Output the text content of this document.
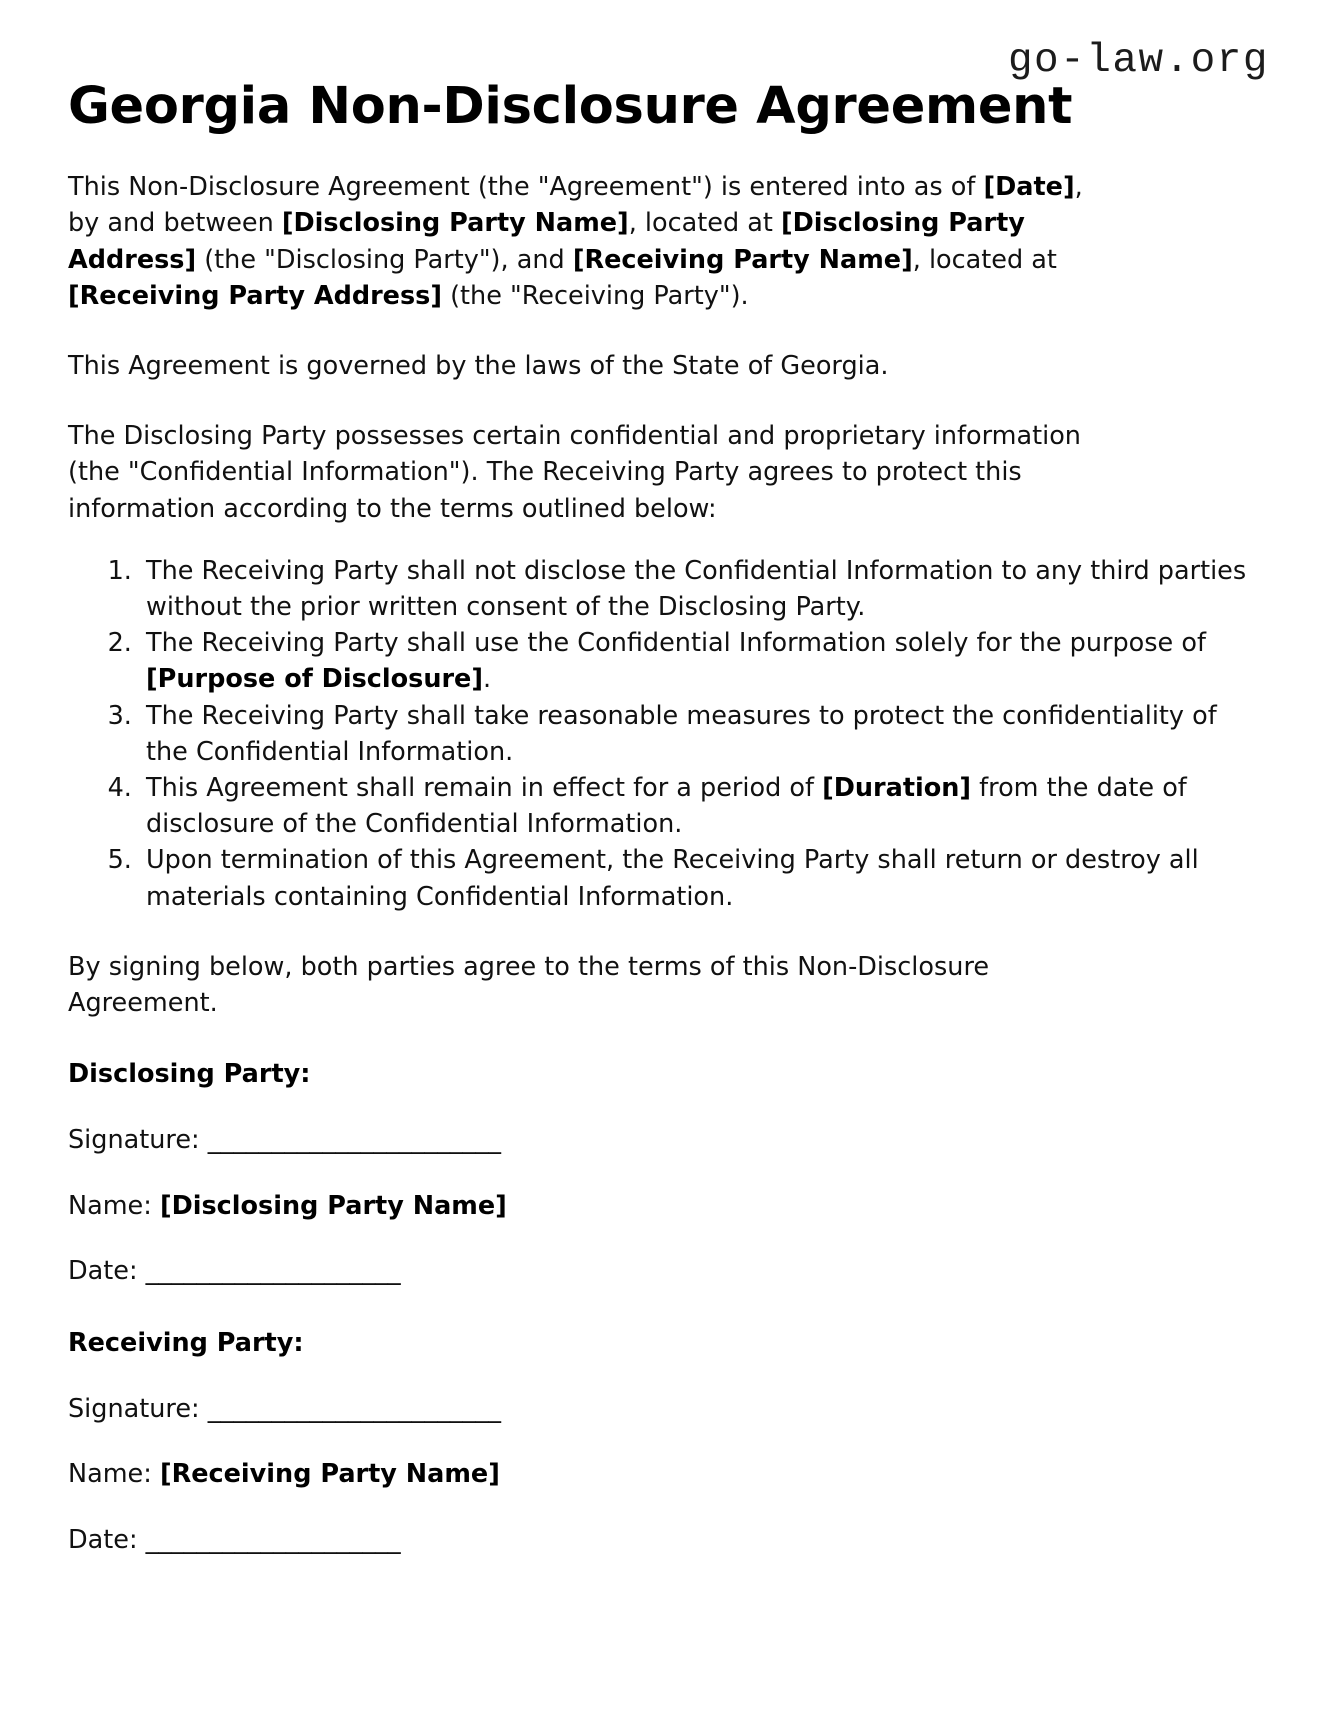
go-law.org
Georgia Non-Disclosure Agreement

This Non-Disclosure Agreement (the "Agreement") is entered into as of [Date], by and between [Disclosing Party Name], located at [Disclosing Party Address] (the "Disclosing Party"), and [Receiving Party Name], located at [Receiving Party Address] (the "Receiving Party").

This Agreement is governed by the laws of the State of Georgia.

The Disclosing Party possesses certain confidential and proprietary information (the "Confidential Information"). The Receiving Party agrees to protect this information according to the terms outlined below:

1. The Receiving Party shall not disclose the Confidential Information to any third parties without the prior written consent of the Disclosing Party.
2. The Receiving Party shall use the Confidential Information solely for the purpose of [Purpose of Disclosure].
3. The Receiving Party shall take reasonable measures to protect the confidentiality of the Confidential Information.
4. This Agreement shall remain in effect for a period of [Duration] from the date of disclosure of the Confidential Information.
5. Upon termination of this Agreement, the Receiving Party shall return or destroy all materials containing Confidential Information.

By signing below, both parties agree to the terms of this Non-Disclosure Agreement.

Disclosing Party:

Signature: _______________________

Name: [Disclosing Party Name]

Date: ____________________

Receiving Party:

Signature: _______________________

Name: [Receiving Party Name]

Date: ____________________
